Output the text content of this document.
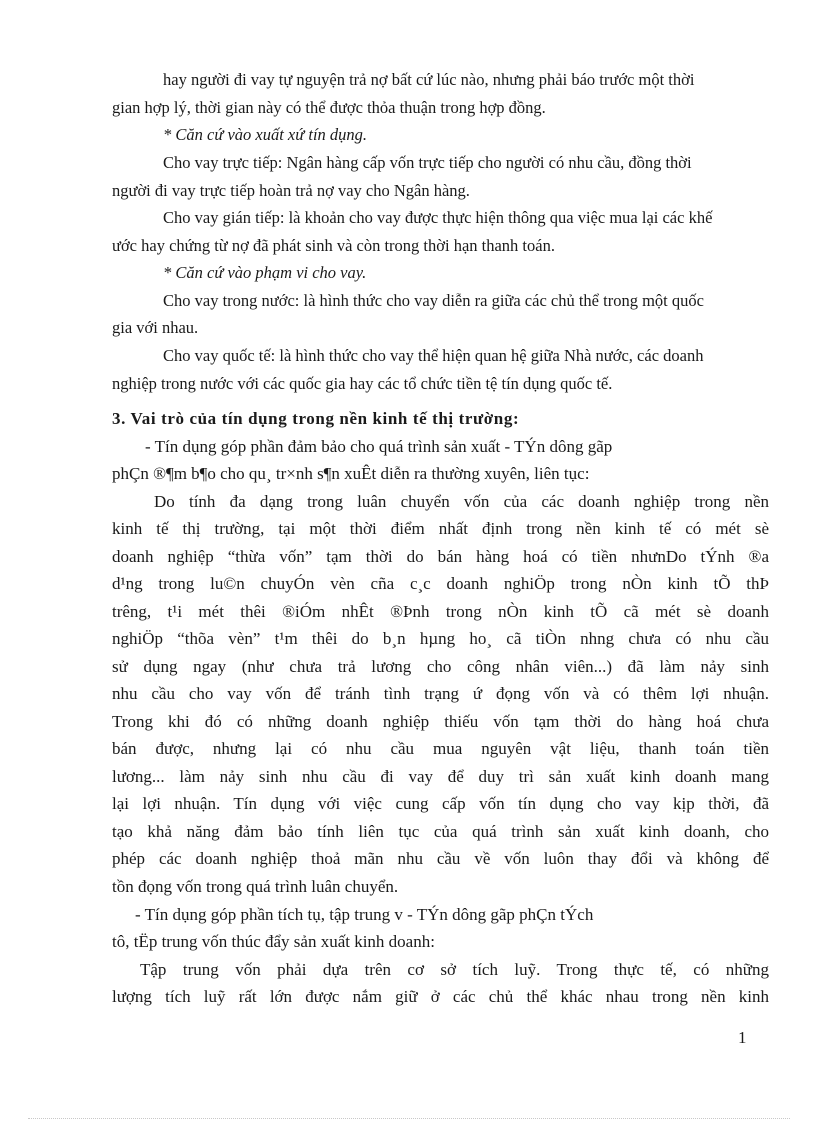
hay người đi vay tự nguyện trả nợ bất cứ lúc nào, nhưng phải báo trước một thời
gian hợp lý, thời gian này có thể được thỏa thuận trong hợp đồng.
* Căn cứ vào xuất xứ tín dụng.
Cho vay trực tiếp: Ngân hàng cấp vốn trực tiếp cho người có nhu cầu, đồng thời
người đi vay trực tiếp hoàn trả nợ vay cho Ngân hàng.
Cho vay gián tiếp: là khoản cho vay được thực hiện thông qua việc mua lại các khế
ước hay chứng từ nợ đã phát sinh và còn trong thời hạn thanh toán.
* Căn cứ vào phạm vi cho vay.
Cho vay trong nước: là hình thức cho vay diễn ra giữa các chủ thể trong một quốc
gia với nhau.
Cho vay quốc tế: là hình thức cho vay thể hiện quan hệ giữa Nhà nước, các doanh
nghiệp trong nước với các quốc gia hay các tổ chức tiền tệ tín dụng quốc tế.
3. Vai trò của tín dụng trong nền kinh tế thị trường:
- Tín dụng góp phần đảm bảo cho quá trình sản xuất - TÝn dông gãp
phÇn ®¶m b¶o cho qu¸ tr×nh s¶n xuÊt diễn ra thường xuyên, liên tục:
Do tính đa dạng trong luân chuyển vốn của các doanh nghiệp trong nền
kinh tế thị trường, tại một thời điểm nhất định trong nền kinh tế có mét sè
doanh nghiệp “thừa vốn” tạm thời do bán hàng hoá có tiền nhưnDo tÝnh ®a
d¹ng trong lu©n chuyÓn vèn cña c¸c doanh nghiÖp trong nÒn kinh tÕ thÞ
trêng, t¹i mét thêi ®iÓm nhÊt ®Þnh trong nÒn kinh tÕ cã mét sè doanh
nghiÖp “thõa vèn” t¹m thêi do b¸n hµng ho¸ cã tiÒn nhng chưa có nhu cầu
sử dụng ngay (như chưa trả lương cho công nhân viên...) đã làm nảy sinh
nhu cầu cho vay vốn để tránh tình trạng ứ đọng vốn và có thêm lợi nhuận.
Trong khi đó có những doanh nghiệp thiếu vốn tạm thời do hàng hoá chưa
bán được, nhưng lại có nhu cầu mua nguyên vật liệu, thanh toán tiền
lương... làm nảy sinh nhu cầu đi vay để duy trì sản xuất kinh doanh mang
lại lợi nhuận. Tín dụng với việc cung cấp vốn tín dụng cho vay kịp thời, đã
tạo khả năng đảm bảo tính liên tục của quá trình sản xuất kinh doanh, cho
phép các doanh nghiệp thoả mãn nhu cầu về vốn luôn thay đổi và không để
tồn đọng vốn trong quá trình luân chuyển.
- Tín dụng góp phần tích tụ, tập trung v - TÝn dông gãp phÇn tÝch
tô, tËp trung vốn thúc đẩy sản xuất kinh doanh:
Tập trung vốn phải dựa trên cơ sở tích luỹ. Trong thực tế, có những
lượng tích luỹ rất lớn được nắm giữ ở các chủ thể khác nhau trong nền kinh
1
